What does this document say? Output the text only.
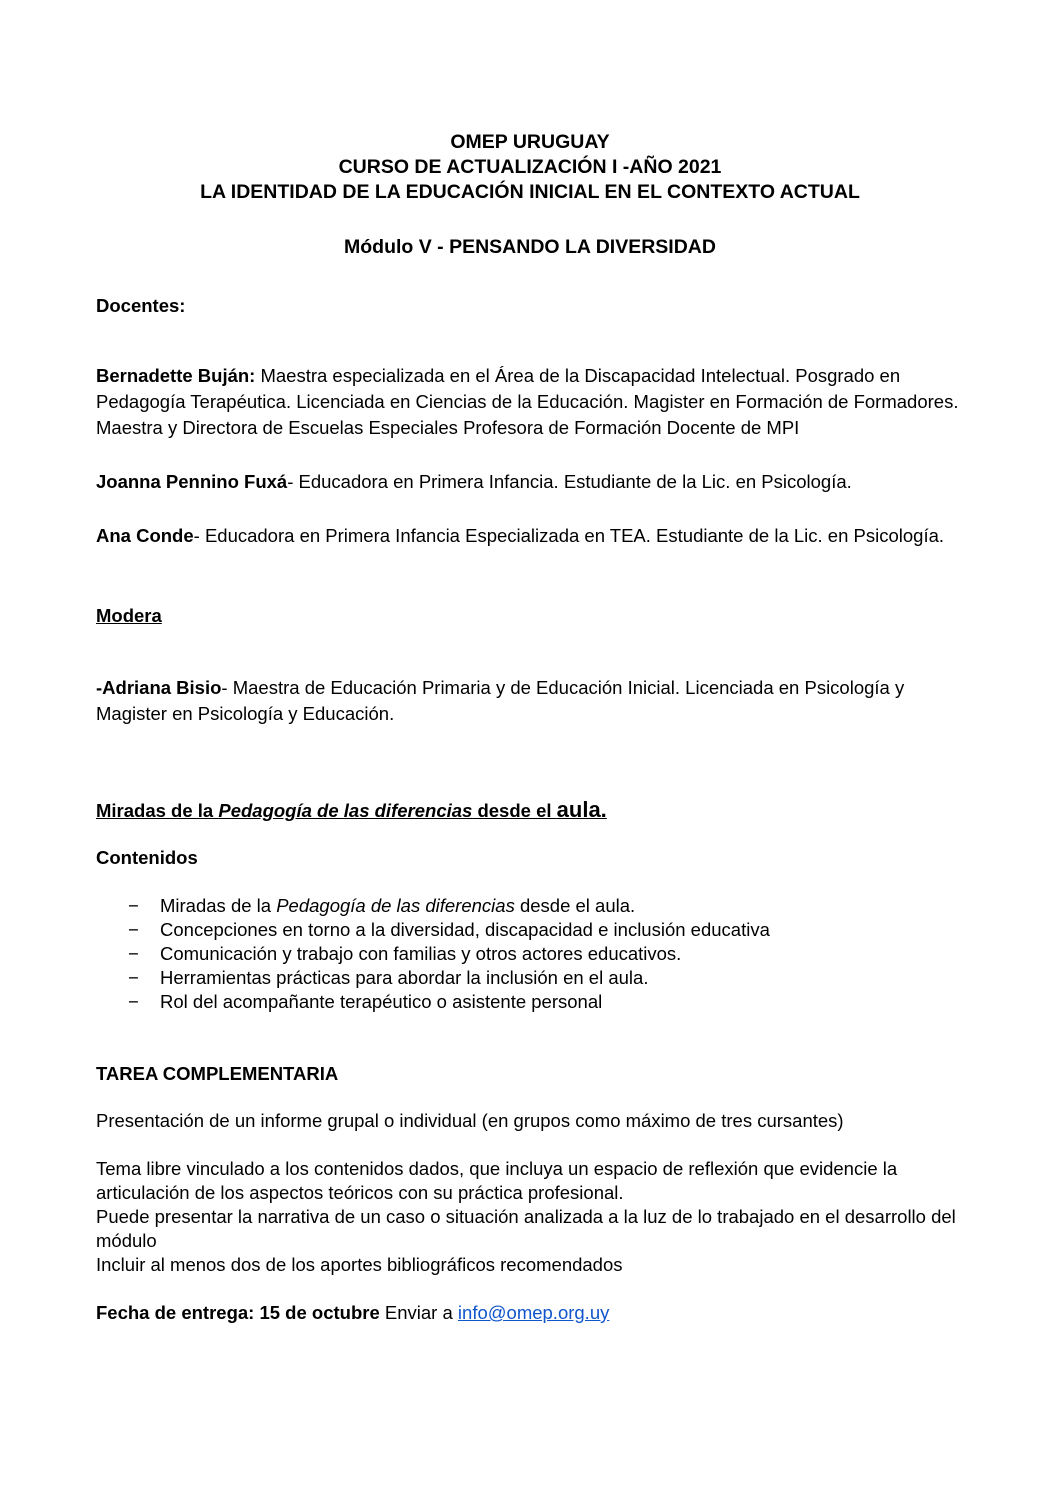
OMEP URUGUAY
CURSO DE ACTUALIZACIÓN I -AÑO 2021
LA IDENTIDAD DE LA EDUCACIÓN INICIAL EN EL CONTEXTO ACTUAL
Módulo V - PENSANDO LA DIVERSIDAD
Docentes:
Bernadette Buján: Maestra especializada en el Área de la Discapacidad Intelectual. Posgrado en Pedagogía Terapéutica. Licenciada en Ciencias de la Educación. Magister en Formación de Formadores. Maestra y Directora de Escuelas Especiales Profesora de Formación Docente de MPI
Joanna Pennino Fuxá- Educadora en Primera Infancia. Estudiante de la Lic. en Psicología.
Ana Conde- Educadora en Primera Infancia Especializada en TEA. Estudiante de la Lic. en Psicología.
Modera
-Adriana Bisio- Maestra de Educación Primaria y de Educación Inicial. Licenciada en Psicología y Magister en Psicología y Educación.
Miradas de la Pedagogía de las diferencias desde el aula.
Contenidos
−	Miradas de la Pedagogía de las diferencias desde el aula.
−	Concepciones en torno a la diversidad, discapacidad e inclusión educativa
−	Comunicación y trabajo con familias y otros actores educativos.
−	Herramientas prácticas para abordar la inclusión en el aula.
−	Rol del acompañante terapéutico o asistente personal
TAREA COMPLEMENTARIA
Presentación de un informe grupal o individual (en grupos como máximo de tres cursantes)
Tema libre vinculado a los contenidos dados, que incluya un espacio de reflexión que evidencie la articulación de los aspectos teóricos con su práctica profesional.
Puede presentar la narrativa de un caso o situación analizada a la luz de lo trabajado en el desarrollo del módulo
Incluir al menos dos de los aportes bibliográficos recomendados
Fecha de entrega: 15 de octubre Enviar a info@omep.org.uy
